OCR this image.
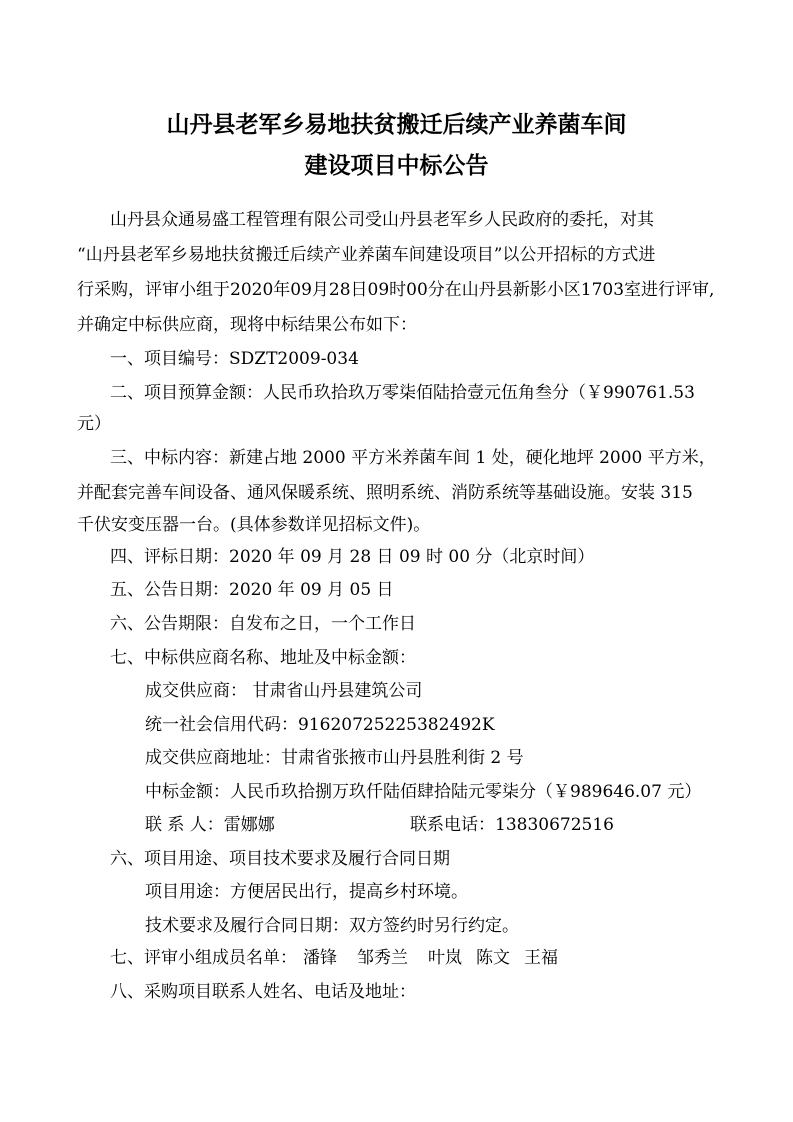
山丹县老军乡易地扶贫搬迁后续产业养菌车间
建设项目中标公告
山丹县众通易盛工程管理有限公司受山丹县老军乡人民政府的委托，对其
“山丹县老军乡易地扶贫搬迁后续产业养菌车间建设项目”以公开招标的方式进
行采购，评审小组于2020年09月28日09时00分在山丹县新影小区1703室进行评审,
并确定中标供应商，现将中标结果公布如下：
一、项目编号：SDZT2009-034
二、项目预算金额：人民币玖拾玖万零柒佰陆拾壹元伍角叁分（￥990761.53
元）
三、中标内容：新建占地 2000 平方米养菌车间 1 处，硬化地坪 2000 平方米，
并配套完善车间设备、通风保暖系统、照明系统、消防系统等基础设施。安装 315
千伏安变压器一台。(具体参数详见招标文件)。
四、评标日期：2020 年 09 月 28 日 09 时 00 分（北京时间）
五、公告日期：2020 年 09 月 05 日
六、公告期限：自发布之日，一个工作日
七、中标供应商名称、地址及中标金额：
成交供应商： 甘肃省山丹县建筑公司
统一社会信用代码：91620725225382492K
成交供应商地址：甘肃省张掖市山丹县胜利街 2 号
中标金额：人民币玖拾捌万玖仟陆佰肆拾陆元零柒分（￥989646.07 元）
联 系 人：雷娜娜	联系电话：13830672516
六、项目用途、项目技术要求及履行合同日期
项目用途：方便居民出行，提高乡村环境。
技术要求及履行合同日期：双方签约时另行约定。
七、评审小组成员名单： 潘锋 邹秀兰 叶岚 陈文 王福
八、采购项目联系人姓名、电话及地址：
